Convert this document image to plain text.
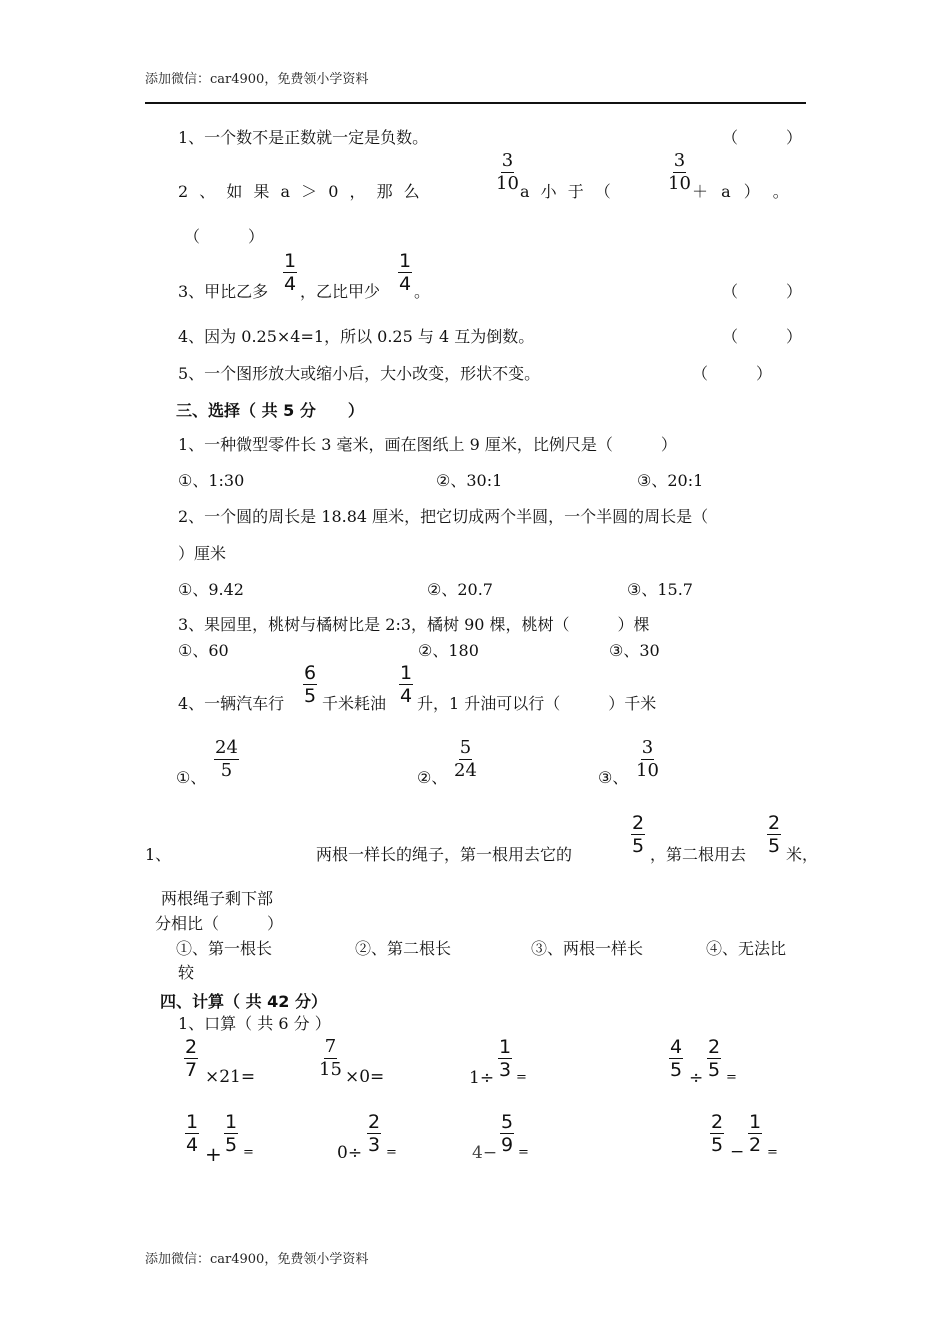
添加微信：car4900，免费领小学资料
1、一个数不是正数就一定是负数。	（　　　）
2 、 如 果 a ＞ 0 ， 那 么	$\frac{3}{10}$ a 小 于 （	$\frac{3}{10} + a$ ） 。
（　　　）
3、甲比乙多 $\frac{1}{4}$ ，乙比甲少 $\frac{1}{4}$ 。	（　　　）
4、因为 0.25×4=1，所以 0.25 与 4 互为倒数。	（　　　）
5、一个图形放大或缩小后，大小改变，形状不变。	（　　　）
三、选择（ 共 5 分　　）
1、一种微型零件长 3 毫米，画在图纸上 9 厘米，比例尺是（　　　）
①、1:30	②、30:1	③、20:1
2、一个圆的周长是 18.84 厘米，把它切成两个半圆，一个半圆的周长是（
）厘米
①、9.42	②、20.7	③、15.7
3、果园里，桃树与橘树比是 2:3，橘树 90 棵，桃树（　　　）棵
①、60	②、180	③、30
4、一辆汽车行 $\frac{6}{5}$ 千米耗油 $\frac{1}{4}$ 升，1 升油可以行（　　　）千米
①、 $\frac{24}{5}$	②、 $\frac{5}{24}$	③、 $\frac{3}{10}$
1、	两根一样长的绳子，第一根用去它的	$\frac{2}{5}$ ，第二根用去 $\frac{2}{5}$ 米，
两根绳子剩下部
分相比（　　　）
①、第一根长	②、第二根长	③、两根一样长	④、无法比
较
四、计算（ 共 42 分）
1、口算（ 共 6 分 ）
$\frac{2}{7} \times 21=$	$\frac{7}{15} \times 0=$	$1\div \frac{1}{3}$ =	$\frac{4}{5} \div \frac{2}{5}$ =
$\frac{1}{4} + \frac{1}{5}$ =	$0\div \frac{2}{3}$ =	$4- \frac{5}{9}$ =	$\frac{2}{5} - \frac{1}{2}$ =
添加微信：car4900，免费领小学资料
